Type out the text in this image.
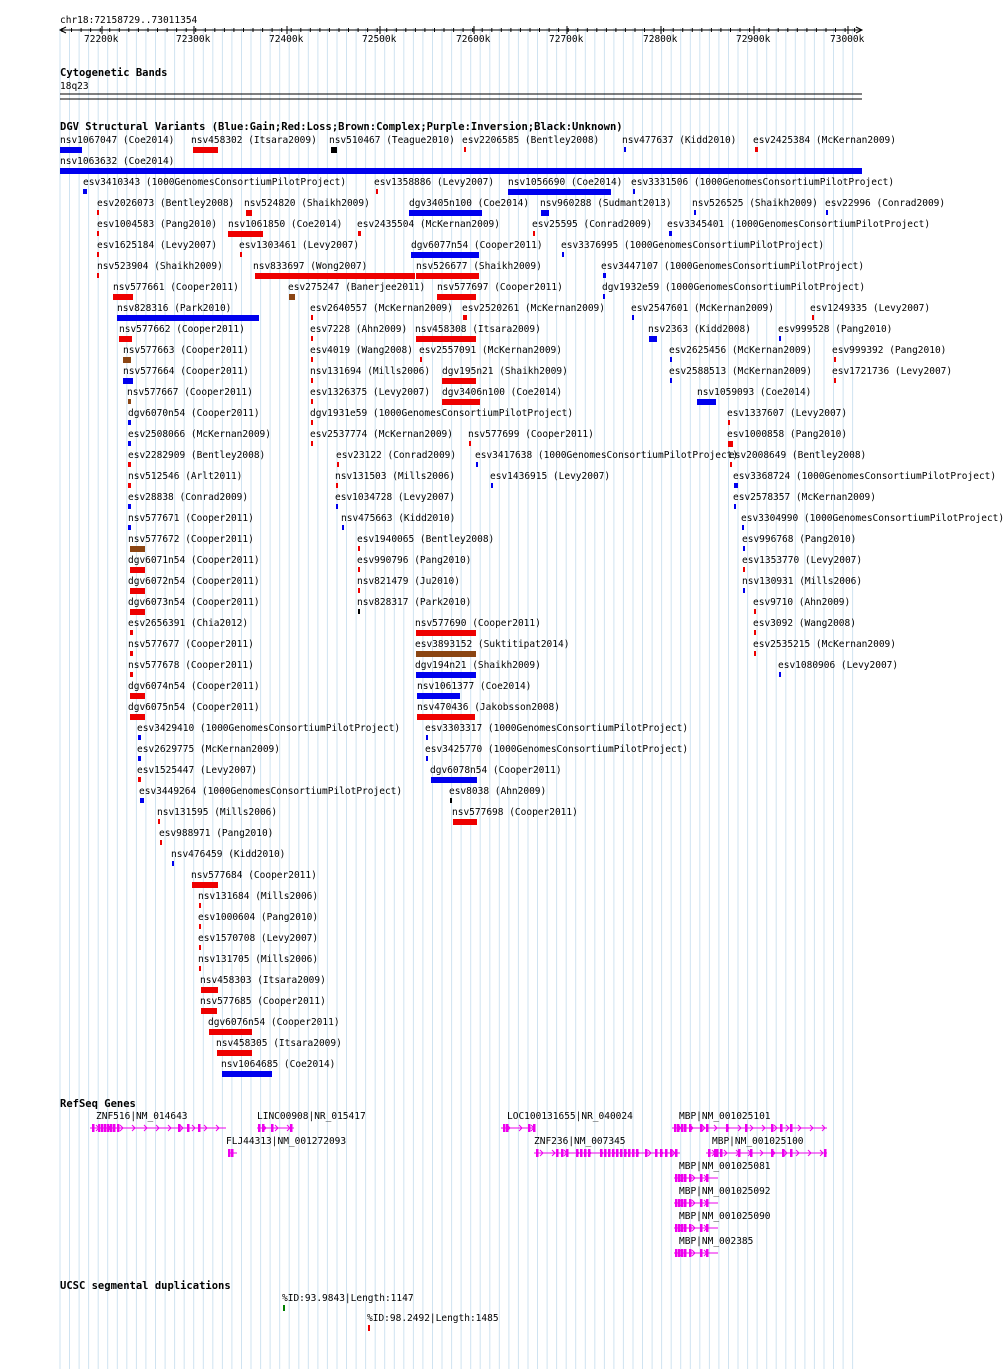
chr18:72158729..73011354
72200k	72300k	72400k	72500k	72600k	72700k	72800k	72900k	73000k
Cytogenetic Bands
18q23
DGV Structural Variants (Blue:Gain;Red:Loss;Brown:Complex;Purple:Inversion;Black:Unknown)
nsv1067047 (Coe2014) nsv458302 (Itsara2009) nsv510467 (Teague2010) esv2206585 (Bentley2008) nsv477637 (Kidd2010) esv2425384 (McKernan2009)
nsv1063632 (Coe2014)
esv3410343 (1000GenomesConsortiumPilotProject)	esv1358886 (Levy2007) nsv1056690 (Coe2014) esv3331506 (1000GenomesConsortiumPilotProject)
esv2026073 (Bentley2008) nsv524820 (Shaikh2009)	dgv3405n100 (Coe2014) nsv960288 (Sudmant2013) nsv526525 (Shaikh2009) esv22996 (Conrad2009)
esv1004583 (Pang2010) nsv1061850 (Coe2014) esv2435504 (McKernan2009)	esv25595 (Conrad2009) esv3345401 (1000GenomesConsortiumPilotProject)
esv1625184 (Levy2007) esv1303461 (Levy2007)	dgv6077n54 (Cooper2011) esv3376995 (1000GenomesConsortiumPilotProject)
nsv523904 (Shaikh2009)	nsv833697 (Wong2007)	nsv526677 (Shaikh2009)	esv3447107 (1000GenomesConsortiumPilotProject)
nsv577661 (Cooper2011)	esv275247 (Banerjee2011) nsv577697 (Cooper2011)	dgv1932e59 (1000GenomesConsortiumPilotProject)
nsv828316 (Park2010)	esv2640557 (McKernan2009) esv2520261 (McKernan2009)	esv2547601 (McKernan2009)	esv1249335 (Levy2007)
nsv577662 (Cooper2011)	esv7228 (Ahn2009) nsv458308 (Itsara2009)	nsv2363 (Kidd2008)	esv999528 (Pang2010)
nsv577663 (Cooper2011)	esv4019 (Wang2008) esv2557091 (McKernan2009)	esv2625456 (McKernan2009) esv999392 (Pang2010)
nsv577664 (Cooper2011)	nsv131694 (Mills2006) dgv195n21 (Shaikh2009)	esv2588513 (McKernan2009) esv1721736 (Levy2007)
nsv577667 (Cooper2011)	esv1326375 (Levy2007) dgv3406n100 (Coe2014)	nsv1059093 (Coe2014)
dgv6070n54 (Cooper2011)	dgv1931e59 (1000GenomesConsortiumPilotProject)	esv1337607 (Levy2007)
esv2508066 (McKernan2009)	esv2537774 (McKernan2009) nsv577699 (Cooper2011)	esv1000858 (Pang2010)
esv2282909 (Bentley2008)	esv23122 (Conrad2009) esv3417638 (1000GenomesConsortiumPilotProject)
esv2008649 (Bentley2008)
nsv512546 (Arlt2011)	nsv131503 (Mills2006)	esv1436915 (Levy2007)	esv3368724 (1000GenomesConsortiumPilotProject)
esv28838 (Conrad2009)	esv1034728 (Levy2007)	esv2578357 (McKernan2009)
nsv577671 (Cooper2011)	nsv475663 (Kidd2010)	esv3304990 (1000GenomesConsortiumPilotProject)
nsv577672 (Cooper2011)	esv1940065 (Bentley2008)	esv996768 (Pang2010)
dgv6071n54 (Cooper2011)	esv990796 (Pang2010)	esv1353770 (Levy2007)
dgv6072n54 (Cooper2011)	nsv821479 (Ju2010)	nsv130931 (Mills2006)
dgv6073n54 (Cooper2011)	nsv828317 (Park2010)	esv9710 (Ahn2009)
esv2656391 (Chia2012)	nsv577690 (Cooper2011)	esv3092 (Wang2008)
nsv577677 (Cooper2011)	esv3893152 (Suktitipat2014)	esv2535215 (McKernan2009)
nsv577678 (Cooper2011)	dgv194n21 (Shaikh2009)	esv1080906 (Levy2007)
dgv6074n54 (Cooper2011)	nsv1061377 (Coe2014)
dgv6075n54 (Cooper2011)	nsv470436 (Jakobsson2008)
esv3429410 (1000GenomesConsortiumPilotProject)	esv3303317 (1000GenomesConsortiumPilotProject)
esv2629775 (McKernan2009)	esv3425770 (1000GenomesConsortiumPilotProject)
esv1525447 (Levy2007)	dgv6078n54 (Cooper2011)
esv3449264 (1000GenomesConsortiumPilotProject)	esv8038 (Ahn2009)
nsv131595 (Mills2006)	nsv577698 (Cooper2011)
esv988971 (Pang2010)
nsv476459 (Kidd2010)
nsv577684 (Cooper2011)
nsv131684 (Mills2006)
esv1000604 (Pang2010)
esv1570708 (Levy2007)
nsv131705 (Mills2006)
nsv458303 (Itsara2009)
nsv577685 (Cooper2011)
dgv6076n54 (Cooper2011)
nsv458305 (Itsara2009)
nsv1064685 (Coe2014)
RefSeq Genes
ZNF516|NM_014643	LINC00908|NR_015417
FLJ44313|NM_001272093
LOC100131655|NR_040024
ZNF236|NM_007345
MBP|NM_001025101
MBP|NM_001025100
MBP|NM_001025081
MBP|NM_001025092
MBP|NM_001025090
MBP|NM_002385
UCSC segmental duplications
%ID:93.9843|Length:1147
%ID:98.2492|Length:1485
